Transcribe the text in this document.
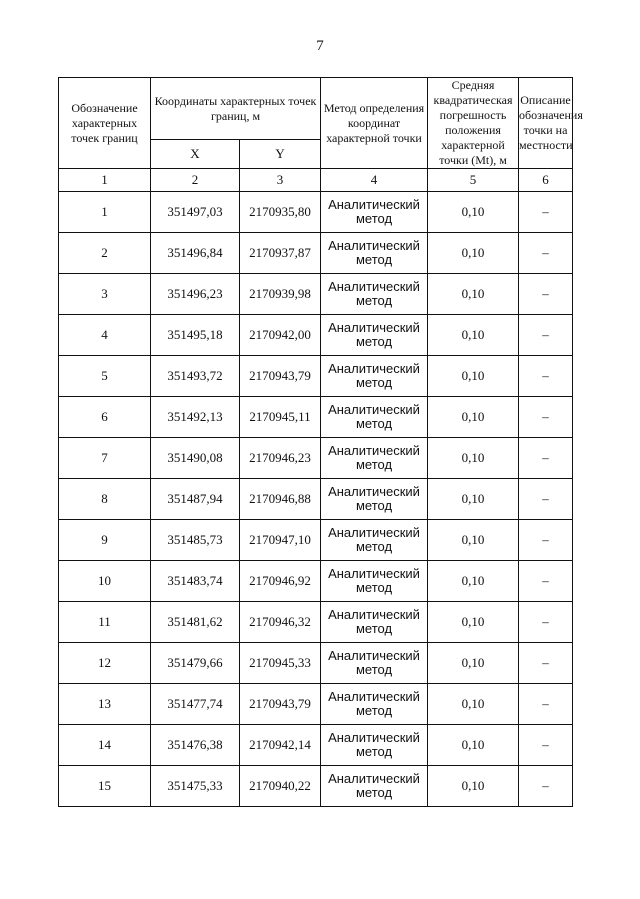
7
Обозначение характерных точек границ	Координаты характерных точек границ, м		Метод определения координат характерной точки	Средняя квадратическая погрешность положения характерной точки (Mt), м	Описание обозначения точки на местности
	X	Y			
1	2	3	4	5	6
1	351497,03	2170935,80	Аналитический метод	0,10	–
2	351496,84	2170937,87	Аналитический метод	0,10	–
3	351496,23	2170939,98	Аналитический метод	0,10	–
4	351495,18	2170942,00	Аналитический метод	0,10	–
5	351493,72	2170943,79	Аналитический метод	0,10	–
6	351492,13	2170945,11	Аналитический метод	0,10	–
7	351490,08	2170946,23	Аналитический метод	0,10	–
8	351487,94	2170946,88	Аналитический метод	0,10	–
9	351485,73	2170947,10	Аналитический метод	0,10	–
10	351483,74	2170946,92	Аналитический метод	0,10	–
11	351481,62	2170946,32	Аналитический метод	0,10	–
12	351479,66	2170945,33	Аналитический метод	0,10	–
13	351477,74	2170943,79	Аналитический метод	0,10	–
14	351476,38	2170942,14	Аналитический метод	0,10	–
15	351475,33	2170940,22	Аналитический метод	0,10	–
